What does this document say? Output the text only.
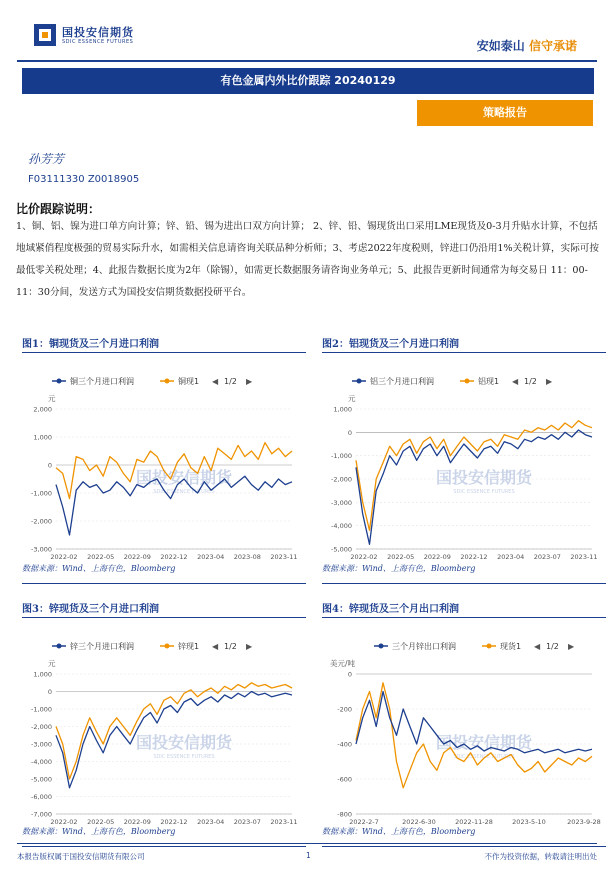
国投安信期货
SDIC ESSENCE FUTURES	安如泰山 信守承诺
有色金属内外比价跟踪 20240129
策略报告
孙芳芳
F03111330 Z0018905
比价跟踪说明：
1、铜、铝、镍为进口单方向计算；锌、铅、锡为进出口双方向计算； 2、锌、铅、锡现货出口采用LME现货及0-3月升贴水计算，不包括地域紧俏程度极强的贸易实际升水，如需相关信息请咨询关联品种分析师；3、考虑2022年度税则，锌进口仍沿用1%关税计算，实际可按最低零关税处理；4、此报告数据长度为2年（除锡），如需更长数据服务请咨询业务单元；5、此报告更新时间通常为每交易日 11：00-11：30分间，发送方式为国投安信期货数据投研平台。
图1：铜现货及三个月进口利润
铜三个月进口利润	铜现1 ◀ 1/2 ▶
元
国投安信期货
SDIC ESSENCE FUTURES
2,000
1,000
0
-1,000
-2,000
-3,000
2022-02 2022-05 2022-09 2022-12 2023-04 2023-08 2023-11
数据来源：Wind、上海有色，Bloomberg
图2：铝现货及三个月进口利润
铝三个月进口利润	铝现1 ◀ 1/2 ▶
元
国投安信期货
SDIC ESSENCE FUTURES
1,000
0
-1,000
-2,000
-3,000
-4,000
-5,000
2022-02 2022-05 2022-09 2022-12 2023-04 2023-07 2023-11
数据来源：Wind、上海有色，Bloomberg
图3：锌现货及三个月进口利润
锌三个月进口利润	锌现1 ◀ 1/2 ▶
元
国投安信期货
SDIC ESSENCE FUTURES
1,000
0
-1,000
-2,000
-3,000
-4,000
-5,000
-6,000
-7,000
2022-02 2022-05 2022-09 2022-12 2023-04 2023-07 2023-11
数据来源：Wind、上海有色，Bloomberg
图4：锌现货及三个月出口利润
三个月锌出口利润	现货1 ◀ 1/2 ▶
美元/吨
国投安信期货
SDIC ESSENCE FUTURES
0
-200
-400
-600
-800
2022-2-7	2022-6-30	2022-11-28	2023-5-10	2023-9-28
数据来源：Wind、上海有色，Bloomberg
本报告版权属于国投安信期货有限公司	1	不作为投资依据，转载请注明出处
